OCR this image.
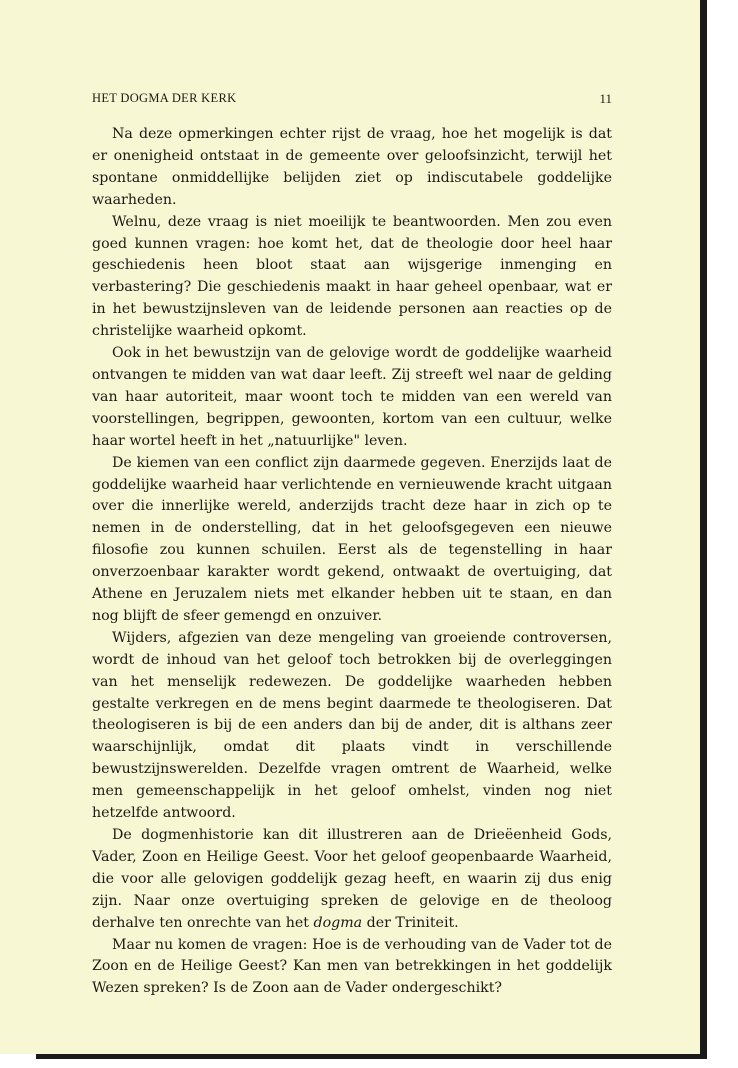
HET DOGMA DER KERK	11

Na deze opmerkingen echter rijst de vraag, hoe het mogelijk is dat er onenigheid ontstaat in de gemeente over geloofsinzicht, terwijl het spontane onmiddellijke belijden ziet op indiscutabele goddelijke waarheden.

Welnu, deze vraag is niet moeilijk te beantwoorden. Men zou even goed kunnen vragen: hoe komt het, dat de theologie door heel haar geschiedenis heen bloot staat aan wijsgerige inmenging en verbastering? Die geschiedenis maakt in haar geheel openbaar, wat er in het bewustzijnsleven van de leidende personen aan reacties op de christelijke waarheid opkomt.

Ook in het bewustzijn van de gelovige wordt de goddelijke waarheid ontvangen te midden van wat daar leeft. Zij streeft wel naar de gelding van haar autoriteit, maar woont toch te midden van een wereld van voorstellingen, begrippen, gewoonten, kortom van een cultuur, welke haar wortel heeft in het „natuurlijke" leven.

De kiemen van een conflict zijn daarmede gegeven. Enerzijds laat de goddelijke waarheid haar verlichtende en vernieuwende kracht uitgaan over die innerlijke wereld, anderzijds tracht deze haar in zich op te nemen in de onderstelling, dat in het geloofsgegeven een nieuwe filosofie zou kunnen schuilen. Eerst als de tegenstelling in haar onverzoenbaar karakter wordt gekend, ontwaakt de overtuiging, dat Athene en Jeruzalem niets met elkander hebben uit te staan, en dan nog blijft de sfeer gemengd en onzuiver.

Wijders, afgezien van deze mengeling van groeiende controversen, wordt de inhoud van het geloof toch betrokken bij de overleggingen van het menselijk redewezen. De goddelijke waarheden hebben gestalte verkregen en de mens begint daarmede te theologiseren. Dat theologiseren is bij de een anders dan bij de ander, dit is althans zeer waarschijnlijk, omdat dit plaats vindt in verschillende bewustzijnswerelden. Dezelfde vragen omtrent de Waarheid, welke men gemeenschappelijk in het geloof omhelst, vinden nog niet hetzelfde antwoord.

De dogmenhistorie kan dit illustreren aan de Drieëenheid Gods, Vader, Zoon en Heilige Geest. Voor het geloof geopenbaarde Waarheid, die voor alle gelovigen goddelijk gezag heeft, en waarin zij dus enig zijn. Naar onze overtuiging spreken de gelovige en de theoloog derhalve ten onrechte van het dogma der Triniteit.

Maar nu komen de vragen: Hoe is de verhouding van de Vader tot de Zoon en de Heilige Geest? Kan men van betrekkingen in het goddelijk Wezen spreken? Is de Zoon aan de Vader ondergeschikt?
